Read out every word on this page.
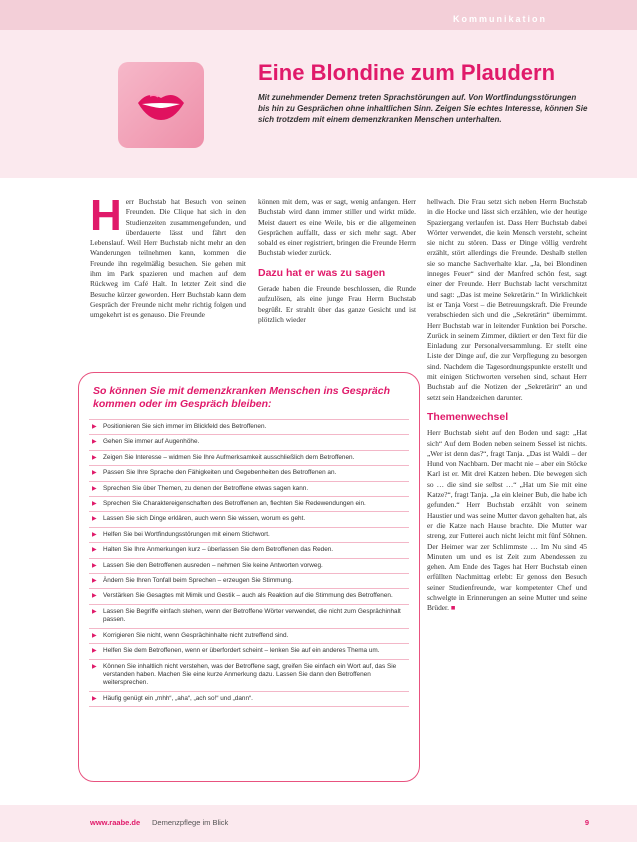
Kommunikation
Eine Blondine zum Plaudern

Mit zunehmender Demenz treten Sprachstörungen auf. Von Wortfindungsstörungen bis hin zu Gesprächen ohne inhaltlichen Sinn. Zeigen Sie echtes Interesse, können Sie sich trotzdem mit einem demenzkranken Menschen unterhalten.

H err Buchstab hat Besuch von seinen Freunden. Die Clique hat sich in den Studienzeiten zusammengefunden, und überdauerte lässt und fährt den Lebenslauf. Weil Herr Buchstab nicht mehr an den Wanderungen teilnehmen kann, kommen die Freunde ihn regelmäßig besuchen. Sie gehen mit ihm im Park spazieren und machen auf dem Rückweg im Café Halt. In letzter Zeit sind die Besuche kürzer geworden. Herr Buchstab kann dem Gespräch der Freunde nicht mehr richtig folgen und umgekehrt ist es genauso. Die Freunde

können mit dem, was er sagt, wenig anfangen. Herr Buchstab wird dann immer stiller und wirkt müde. Meist dauert es eine Weile, bis er die allgemeinen Gesprächen auffallt, dass er sich mehr sagt. Aber sobald es einer registriert, bringen die Freunde Herrn Buchstab wieder zurück.

Dazu hat er was zu sagen

Gerade haben die Freunde beschlossen, die Runde aufzulösen, als eine junge Frau Herrn Buchstab begrüßt. Er strahlt über das ganze Gesicht und ist plötzlich wieder

hellwach. Die Frau setzt sich neben Herrn Buchstab in die Hocke und lässt sich erzählen, wie der heutige Spaziergang verlaufen ist. Dass Herr Buchstab dabei Wörter verwendet, die kein Mensch versteht, scheint sie nicht zu stören. Dass er Dinge völlig verdreht erzählt, stört allerdings die Freunde. Deshalb stellen sie so manche Sachverhalte klar. „Ja, bei Blondinen inneges Feuer“ sind der Manfred schön fest, sagt einer der Freunde. Herr Buchstab lacht verschmitzt und sagt: „Das ist meine Sekretärin.“ In Wirklichkeit ist er Tanja Vorst – die Betreuungskraft. Die Freunde verabschieden sich und die „Sekretärin“ übernimmt. Herr Buchstab war in leitender Funktion bei Porsche. Zurück in seinem Zimmer, diktiert er den Text für die Einladung zur Personalversammlung. Er stellt eine Liste der Dinge auf, die zur Verpflegung zu besorgen sind. Nachdem die Tagesordnungspunkte erstellt und mit einigen Stichworten versehen sind, schaut Herr Buchstab auf die Notizen der „Sekretärin“ an und setzt sein Handzeichen darunter.

Themenwechsel

Herr Buchstab sieht auf den Boden und sagt: „Hat sich“ Auf dem Boden neben seinem Sessel ist nichts. „Wer ist denn das?“, fragt Tanja. „Das ist Waldi – der Hund von Nachbarn. Der macht nie – aber ein Stöcke Karl ist er. Mit drei Katzen heben. Die bewegen sich so … die sind sie selbst …“ „Hat um Sie mit eine Katze?“, fragt Tanja. „Ja ein kleiner Bub, die habe ich gefunden.“ Herr Buchstab erzählt von seinem Haustier und was seine Mutter davon gehalten hat, als er die Katze nach Hause brachte. Die Mutter war streng, zur Futterei auch nicht leicht mit fünf Söhnen. Der Heimer war zer Schlimmste … Im Nu sind 45 Minuten um und es ist Zeit zum Abendessen zu gehen. Am Ende des Tages hat Herr Buchstab einen erfüllten Nachmittag erlebt: Er genoss den Besuch seiner Studienfreunde, war kompetenter Chef und schwelgte in Erinnerungen an seine Mutter und seine Brüder. ■

So können Sie mit demenzkranken Menschen ins Gespräch kommen oder im Gespräch bleiben:
▶ Positionieren Sie sich immer im Blickfeld des Betroffenen.
▶ Gehen Sie immer auf Augenhöhe.
▶ Zeigen Sie Interesse – widmen Sie Ihre Aufmerksamkeit ausschließlich dem Betroffenen.
▶ Passen Sie Ihre Sprache den Fähigkeiten und Gegebenheiten des Betroffenen an.
▶ Sprechen Sie über Themen, zu denen der Betroffene etwas sagen kann.
▶ Sprechen Sie Charaktereigenschaften des Betroffenen an, flechten Sie Redewendungen ein.
▶ Lassen Sie sich Dinge erklären, auch wenn Sie wissen, worum es geht.
▶ Helfen Sie bei Wortfindungsstörungen mit einem Stichwort.
▶ Halten Sie Ihre Anmerkungen kurz – überlassen Sie dem Betroffenen das Reden.
▶ Lassen Sie den Betroffenen ausreden – nehmen Sie keine Antworten vorweg.
▶ Ändern Sie Ihren Tonfall beim Sprechen – erzeugen Sie Stimmung.
▶ Verstärken Sie Gesagtes mit Mimik und Gestik – auch als Reaktion auf die Stimmung des Betroffenen.
▶ Lassen Sie Begriffe einfach stehen, wenn der Betroffene Wörter verwendet, die nicht zum Gesprächinhalt passen.
▶ Korrigieren Sie nicht, wenn Gesprächinhalte nicht zutreffend sind.
▶ Helfen Sie dem Betroffenen, wenn er überfordert scheint – lenken Sie auf ein anderes Thema um.
▶ Können Sie inhaltlich nicht verstehen, was der Betroffene sagt, greifen Sie einfach ein Wort auf, das Sie verstanden haben. Machen Sie eine kurze Anmerkung dazu. Lassen Sie dann den Betroffenen weitersprechen.
▶ Häufig genügt ein „mhh“, „aha“, „ach so!“ und „dann“.
www.raabe.de Demenzpflege im Blick	9
